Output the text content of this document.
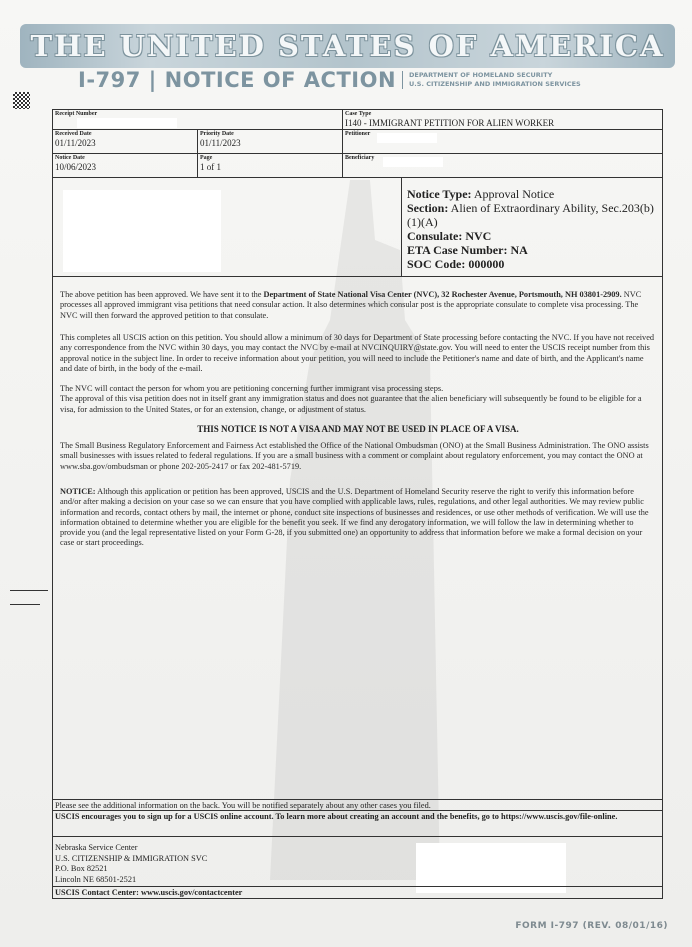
THE UNITED STATES OF AMERICA
I-797 | NOTICE OF ACTION DEPARTMENT OF HOMELAND SECURITY
U.S. CITIZENSHIP AND IMMIGRATION SERVICES
Receipt Number	Case Type
I140 - IMMIGRANT PETITION FOR ALIEN WORKER
Received Date
01/11/2023
Priority Date
01/11/2023
Petitioner
Notice Date
10/06/2023
Page
1 of 1
Beneficiary

Notice Type: Approval Notice

Section: Alien of Extraordinary Ability, Sec.203(b)(1)(A)

Consulate: NVC

ETA Case Number: NA

SOC Code: 000000

The above petition has been approved. We have sent it to the Department of State National Visa Center (NVC), 32 Rochester Avenue, Portsmouth, NH 03801-2909. NVC processes all approved immigrant visa petitions that need consular action. It also determines which consular post is the appropriate consulate to complete visa processing. The NVC will then forward the approved petition to that consulate.

This completes all USCIS action on this petition. You should allow a minimum of 30 days for Department of State processing before contacting the NVC. If you have not received any correspondence from the NVC within 30 days, you may contact the NVC by e-mail at NVCINQUIRY@state.gov. You will need to enter the USCIS receipt number from this approval notice in the subject line. In order to receive information about your petition, you will need to include the Petitioner's name and date of birth, and the Applicant's name and date of birth, in the body of the e-mail.

The NVC will contact the person for whom you are petitioning concerning further immigrant visa processing steps.

The approval of this visa petition does not in itself grant any immigration status and does not guarantee that the alien beneficiary will subsequently be found to be eligible for a visa, for admission to the United States, or for an extension, change, or adjustment of status.

THIS NOTICE IS NOT A VISA AND MAY NOT BE USED IN PLACE OF A VISA.

The Small Business Regulatory Enforcement and Fairness Act established the Office of the National Ombudsman (ONO) at the Small Business Administration. The ONO assists small businesses with issues related to federal regulations. If you are a small business with a comment or complaint about regulatory enforcement, you may contact the ONO at www.sba.gov/ombudsman or phone 202-205-2417 or fax 202-481-5719.

NOTICE: Although this application or petition has been approved, USCIS and the U.S. Department of Homeland Security reserve the right to verify this information before and/or after making a decision on your case so we can ensure that you have complied with applicable laws, rules, regulations, and other legal authorities. We may review public information and records, contact others by mail, the internet or phone, conduct site inspections of businesses and residences, or use other methods of verification. We will use the information obtained to determine whether you are eligible for the benefit you seek. If we find any derogatory information, we will follow the law in determining whether to provide you (and the legal representative listed on your Form G-28, if you submitted one) an opportunity to address that information before we make a formal decision on your case or start proceedings.

Please see the additional information on the back. You will be notified separately about any other cases you filed.
USCIS encourages you to sign up for a USCIS online account. To learn more about creating an account and the benefits, go to https://www.uscis.gov/file-online.
Nebraska Service Center
U.S. CITIZENSHIP & IMMIGRATION SVC
P.O. Box 82521
Lincoln NE 68501-2521
USCIS Contact Center: www.uscis.gov/contactcenter
FORM I-797 (REV. 08/01/16)
